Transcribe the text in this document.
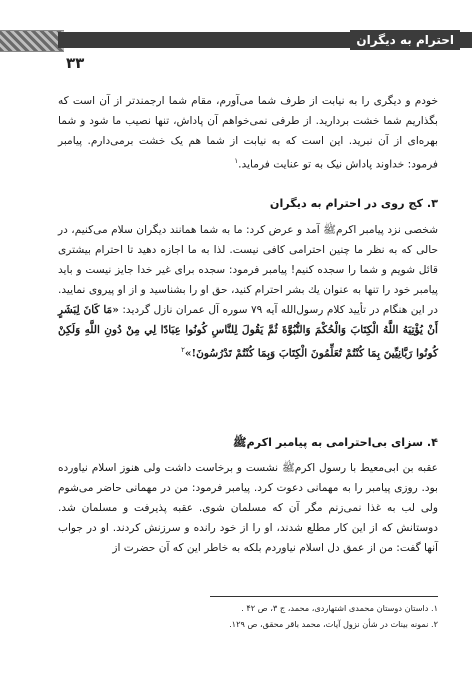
احترام به دیگران
۳۳
خودم و دیگری را به نیابت از طرف شما می‌آورم، مقام شما ارجمندتر از آن است که بگذاریم شما خشت بردارید. از طرفی نمی‌خواهم آن پاداش، تنها نصیب ما شود و شما بهره‌ای از آن نبرید. این است که به نیابت از شما هم یک خشت برمی‌دارم. پیامبر فرمود: خداوند پاداش نیک به تو عنایت فرماید.$^۱$
۳. کج روی در احترام به دیگران
شخصی نزد پیامبر اکرمﷺ آمد و عرض کرد: ما به شما همانند دیگران سلام می‌کنیم، در حالی که به نظر ما چنین احترامی کافی نیست. لذا به ما اجازه دهید تا احترام بیشتری قائل شویم و شما را سجده کنیم! پیامبر فرمود: سجده برای غیر خدا جایز نیست و باید پیامبر خود را تنها به عنوان یك بشر احترام کنید، حق او را بشناسید و از او پیروی نمایید. در این هنگام در تأیید کلام رسول‌الله آیه ۷۹ سوره آل عمران نازل گردید: «مَا كَانَ لِبَشَرٍ أَنْ يُؤْتِيَهُ اللَّهُ الْكِتَابَ وَالْحُكْمَ وَالنُّبُوَّةَ ثُمَّ يَقُولَ لِلنَّاسِ كُونُوا عِبَادًا لِي مِنْ دُونِ اللَّهِ وَلَكِنْ كُونُوا رَبَّانِيِّينَ بِمَا كُنْتُمْ تُعَلِّمُونَ الْكِتَابَ وَبِمَا كُنْتُمْ تَدْرُسُونَ!»$^۲$
۴. سزای بی‌احترامی به پیامبر اکرمﷺ
عقبه بن ابی‌معیط با رسول اکرمﷺ نشست و برخاست داشت ولی هنوز اسلام نیاورده بود. روزی پیامبر را به مهمانی دعوت کرد. پیامبر فرمود: من در مهمانی حاضر می‌شوم ولی لب به غذا نمی‌زنم مگر آن که مسلمان شوی. عقبه پذیرفت و مسلمان شد. دوستانش که از این کار مطلع شدند، او را از خود رانده و سرزنش کردند. او در جواب آنها گفت: من از عمق دل اسلام نیاوردم بلکه به خاطر این که آن حضرت از
۱. داستان دوستان محمدی اشتهاردی، محمد، ج ۳، ص ۴۲ .
۲. نمونه بینات در شأن نزول آیات، محمد باقر محقق، ص ۱۲۹.
